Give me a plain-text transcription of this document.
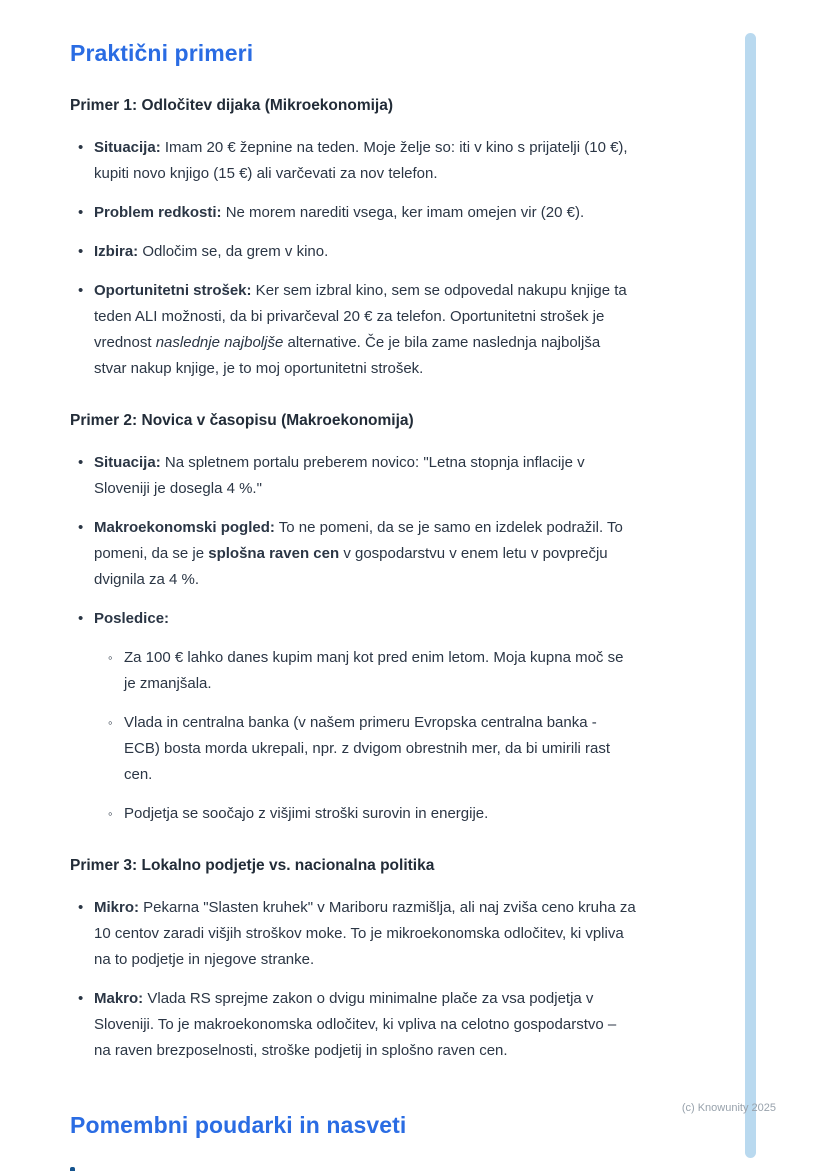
Praktični primeri
Primer 1: Odločitev dijaka (Mikroekonomija)
• Situacija: Imam 20 € žepnine na teden. Moje želje so: iti v kino s prijatelji (10 €), kupiti novo knjigo (15 €) ali varčevati za nov telefon.
• Problem redkosti: Ne morem narediti vsega, ker imam omejen vir (20 €).
• Izbira: Odločim se, da grem v kino.
• Oportunitetni strošek: Ker sem izbral kino, sem se odpovedal nakupu knjige ta teden ALI možnosti, da bi privarčeval 20 € za telefon. Oportunitetni strošek je vrednost naslednje najboljše alternative. Če je bila zame naslednja najboljša stvar nakup knjige, je to moj oportunitetni strošek.
Primer 2: Novica v časopisu (Makroekonomija)
• Situacija: Na spletnem portalu preberem novico: "Letna stopnja inflacije v Sloveniji je dosegla 4 %."
• Makroekonomski pogled: To ne pomeni, da se je samo en izdelek podražil. To pomeni, da se je splošna raven cen v gospodarstvu v enem letu v povprečju dvignila za 4 %.
• Posledice:
◦ Za 100 € lahko danes kupim manj kot pred enim letom. Moja kupna moč se je zmanjšala.
◦ Vlada in centralna banka (v našem primeru Evropska centralna banka - ECB) bosta morda ukrepali, npr. z dvigom obrestnih mer, da bi umirili rast cen.
◦ Podjetja se soočajo z višjimi stroški surovin in energije.
Primer 3: Lokalno podjetje vs. nacionalna politika
• Mikro: Pekarna "Slasten kruhek" v Mariboru razmišlja, ali naj zviša ceno kruha za 10 centov zaradi višjih stroškov moke. To je mikroekonomska odločitev, ki vpliva na to podjetje in njegove stranke.
• Makro: Vlada RS sprejme zakon o dvigu minimalne plače za vsa podjetja v Sloveniji. To je makroekonomska odločitev, ki vpliva na celotno gospodarstvo – na raven brezposelnosti, stroške podjetij in splošno raven cen.
Pomembni poudarki in nasveti
(c) Knowunity 2025
